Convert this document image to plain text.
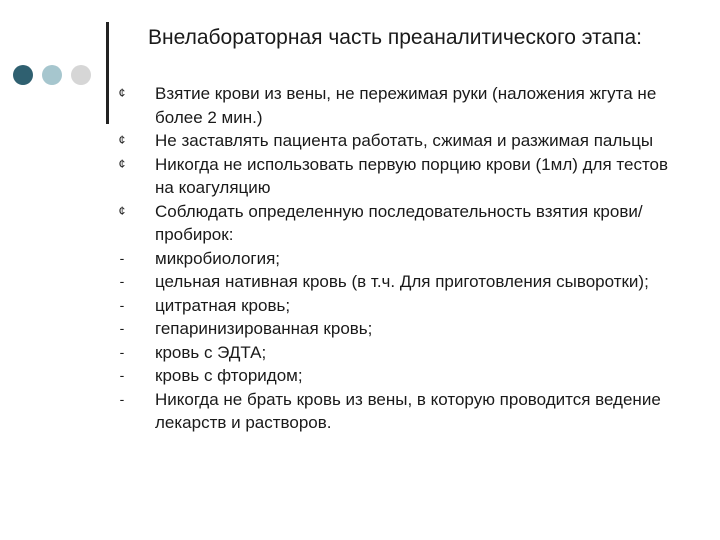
Внелабораторная часть преаналитического этапа:
¢ Взятие крови из вены, не пережимая руки (наложения жгута не более 2 мин.)
¢ Не заставлять пациента работать, сжимая и разжимая пальцы
¢ Никогда не использовать первую порцию крови (1мл) для тестов на коагуляцию
¢ Соблюдать определенную последовательность взятия крови/пробирок:
- микробиология;
- цельная нативная кровь (в т.ч. Для приготовления сыворотки);
- цитратная кровь;
- гепаринизированная кровь;
- кровь с ЭДТА;
- кровь с фторидом;
- Никогда не брать кровь из вены, в которую проводится ведение лекарств и растворов.
